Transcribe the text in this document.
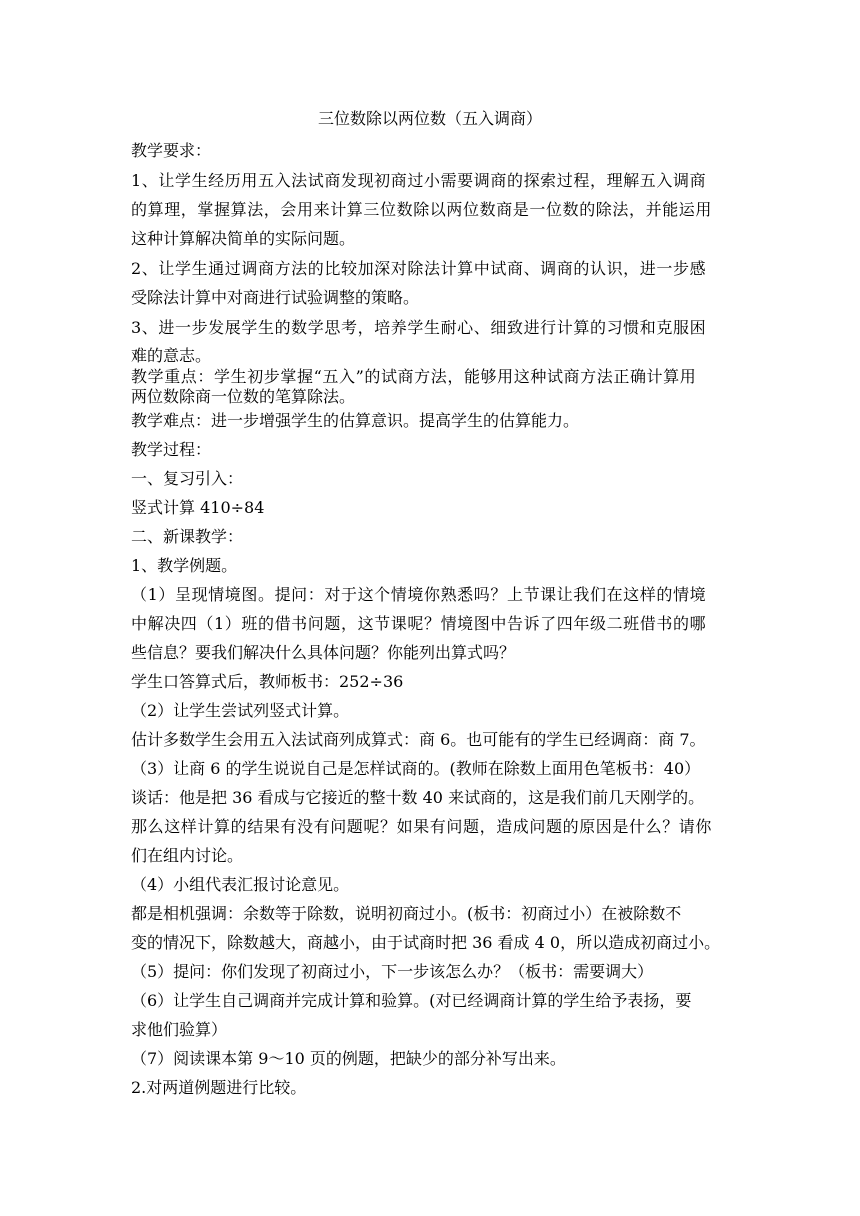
三位数除以两位数（五入调商）
教学要求：
1、让学生经历用五入法试商发现初商过小需要调商的探索过程，理解五入调商
的算理，掌握算法，会用来计算三位数除以两位数商是一位数的除法，并能运用
这种计算解决简单的实际问题。
2、让学生通过调商方法的比较加深对除法计算中试商、调商的认识，进一步感
受除法计算中对商进行试验调整的策略。
3、进一步发展学生的数学思考，培养学生耐心、细致进行计算的习惯和克服困
难的意志。
教学重点：学生初步掌握“五入”的试商方法，能够用这种试商方法正确计算用
两位数除商一位数的笔算除法。
教学难点：进一步增强学生的估算意识。提高学生的估算能力。
教学过程：
一、复习引入：
竖式计算 410÷84
二、新课教学：
1、教学例题。
（1）呈现情境图。提问：对于这个情境你熟悉吗？上节课让我们在这样的情境
中解决四（1）班的借书问题，这节课呢？情境图中告诉了四年级二班借书的哪
些信息？要我们解决什么具体问题？你能列出算式吗？
学生口答算式后，教师板书：252÷36
（2）让学生尝试列竖式计算。
估计多数学生会用五入法试商列成算式：商 6。也可能有的学生已经调商：商 7。
（3）让商 6 的学生说说自己是怎样试商的。(教师在除数上面用色笔板书：40）
谈话：他是把 36 看成与它接近的整十数 40 来试商的，这是我们前几天刚学的。
那么这样计算的结果有没有问题呢？如果有问题，造成问题的原因是什么？请你
们在组内讨论。
（4）小组代表汇报讨论意见。
都是相机强调：余数等于除数，说明初商过小。(板书：初商过小）在被除数不
变的情况下，除数越大，商越小，由于试商时把 36 看成 4 0，所以造成初商过小。
（5）提问：你们发现了初商过小，下一步该怎么办？（板书：需要调大）
（6）让学生自己调商并完成计算和验算。(对已经调商计算的学生给予表扬，要
求他们验算）
（7）阅读课本第 9～10 页的例题，把缺少的部分补写出来。
2.对两道例题进行比较。
